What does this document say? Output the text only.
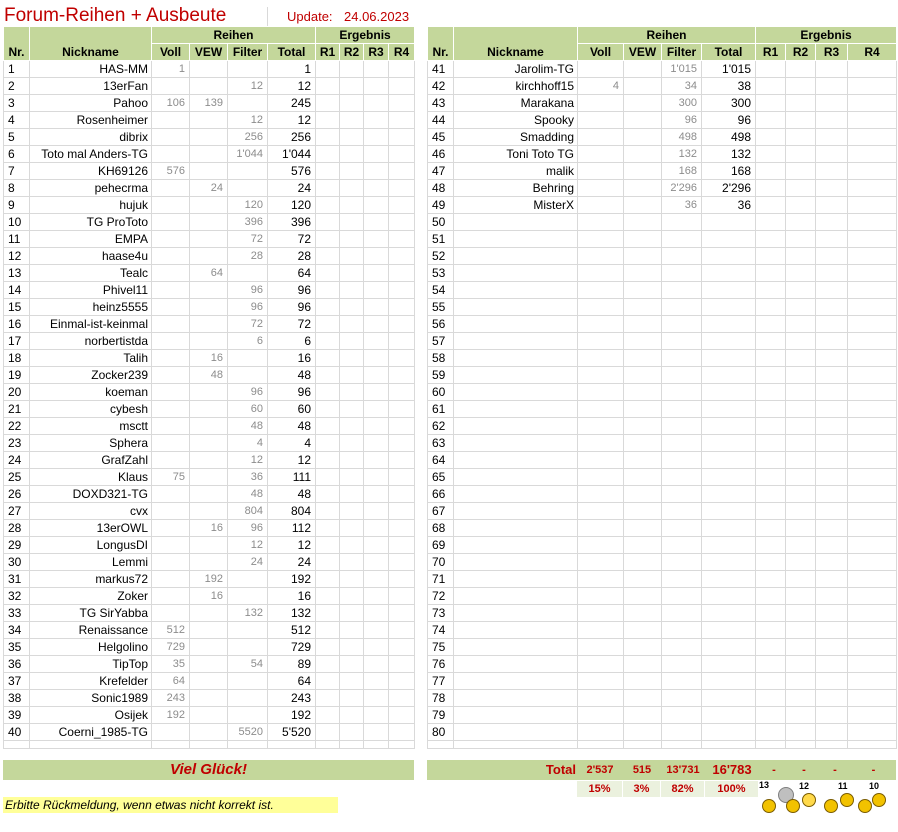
Forum-Reihen + Ausbeute	Update: 24.06.2023
Nr.	Nickname	Reihen				Ergebnis			
		Voll	VEW	Filter	Total	R1	R2	R3	R4
1	HAS-MM	1			1				
2	13erFan			12	12				
3	Pahoo	106	139		245				
4	Rosenheimer			12	12				
5	dibrix			256	256				
6	Toto mal Anders-TG			1'044	1'044				
7	KH69126	576			576				
8	pehecrma		24		24				
9	hujuk			120	120				
10	TG ProToto			396	396				
11	EMPA			72	72				
12	haase4u			28	28				
13	Tealc		64		64				
14	Phivel11			96	96				
15	heinz5555			96	96				
16	Einmal-ist-keinmal			72	72				
17	norbertistda			6	6				
18	Talih		16		16				
19	Zocker239		48		48				
20	koeman			96	96				
21	cybesh			60	60				
22	msctt			48	48				
23	Sphera			4	4				
24	GrafZahl			12	12				
25	Klaus	75		36	111				
26	DOXD321-TG			48	48				
27	cvx			804	804				
28	13erOWL		16	96	112				
29	LongusDI			12	12				
30	Lemmi			24	24				
31	markus72		192		192				
32	Zoker		16		16				
33	TG SirYabba			132	132				
34	Renaissance	512			512				
35	Helgolino	729			729				
36	TipTop	35		54	89				
37	Krefelder	64			64				
38	Sonic1989	243			243				
39	Osijek	192			192				
40	Coerni_1985-TG			5520	5'520				

Nr.	Nickname	Reihen				Ergebnis			
		Voll	VEW	Filter	Total	R1	R2	R3	R4
41	Jarolim-TG			1'015	1'015				
42	kirchhoff15	4		34	38				
43	Marakana			300	300				
44	Spooky			96	96				
45	Smadding			498	498				
46	Toni Toto TG			132	132				
47	malik			168	168				
48	Behring			2'296	2'296				
49	MisterX			36	36				
50									
51									
52									
53									
54									
55									
56									
57									
58									
59									
60									
61									
62									
63									
64									
65									
66									
67									
68									
69									
70									
71									
72									
73									
74									
75									
76									
77									
78									
79									
80									

Viel Glück!	Total 2'537	515	13'731 16'783	-	-	-	-
15%	3%	82%	100%
Erbitte Rückmeldung, wenn etwas nicht korrekt ist.
13	12	11 10
